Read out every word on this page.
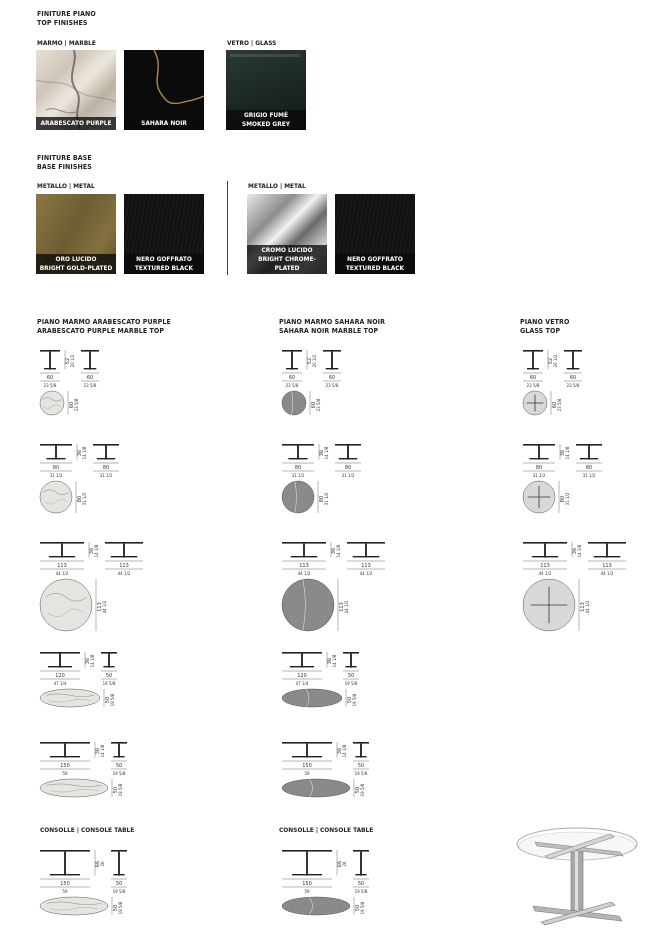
FINITURE PIANO
TOP FINISHES
MARMO | MARBLE	VETRO | GLASS
ARABESCATO PURPLE	SAHARA NOIR
GRIGIO FUMÉ
SMOKED GREY
FINITURE BASE
BASE FINISHES
METALLO | METAL	METALLO | METAL
ORO LUCIDO
BRIGHT GOLD-PLATED
NERO GOFFRATO
TEXTURED BLACK
CROMO LUCIDO
BRIGHT CHROME-PLATED
NERO GOFFRATO
TEXTURED BLACK
PIANO MARMO ARABESCATO PURPLE
ARABESCATO PURPLE MARBLE TOP
PIANO MARMO SAHARA NOIR
SAHARA NOIR MARBLE TOP
PIANO VETRO
GLASS TOP
CONSOLLE | CONSOLE TABLE	CONSOLLE | CONSOLE TABLE
52 20 1/2
60
23 5/8
60
23 5/8
60 23 5/8
52 20 1/2
60
23 5/8
60
23 5/8
60 23 5/8
52 20 1/2
60
23 5/8
60
23 5/8
60 23 5/8
36 14 1/8
80
31 1/2
80
31 1/2
80 31 1/2
36 14 1/8
80
31 1/2
80
31 1/2
80 31 1/2
36 14 1/8
80
31 1/2
80
31 1/2
80 31 1/2
36 14 1/8
113
44 1/2
113
44 1/2
113 44 1/2
36 14 1/8
113
44 1/2
113
44 1/2
113 44 1/2
36 14 1/8
113
44 1/2
113
44 1/2
113 44 1/2
36 14 1/8
120
47 1/4
50
19 5/8
50 19 5/8
36 14 1/8
120
47 1/4
50
19 5/8
50 19 5/8
36 14 1/8
150
59
50
19 5/8
50 19 5/8
36 14 1/8
150
59
50
19 5/8
50 19 5/8
66 26
150
59
50
19 5/8
50 19 5/8
66 26
150
59
50
19 5/8
50 19 5/8
